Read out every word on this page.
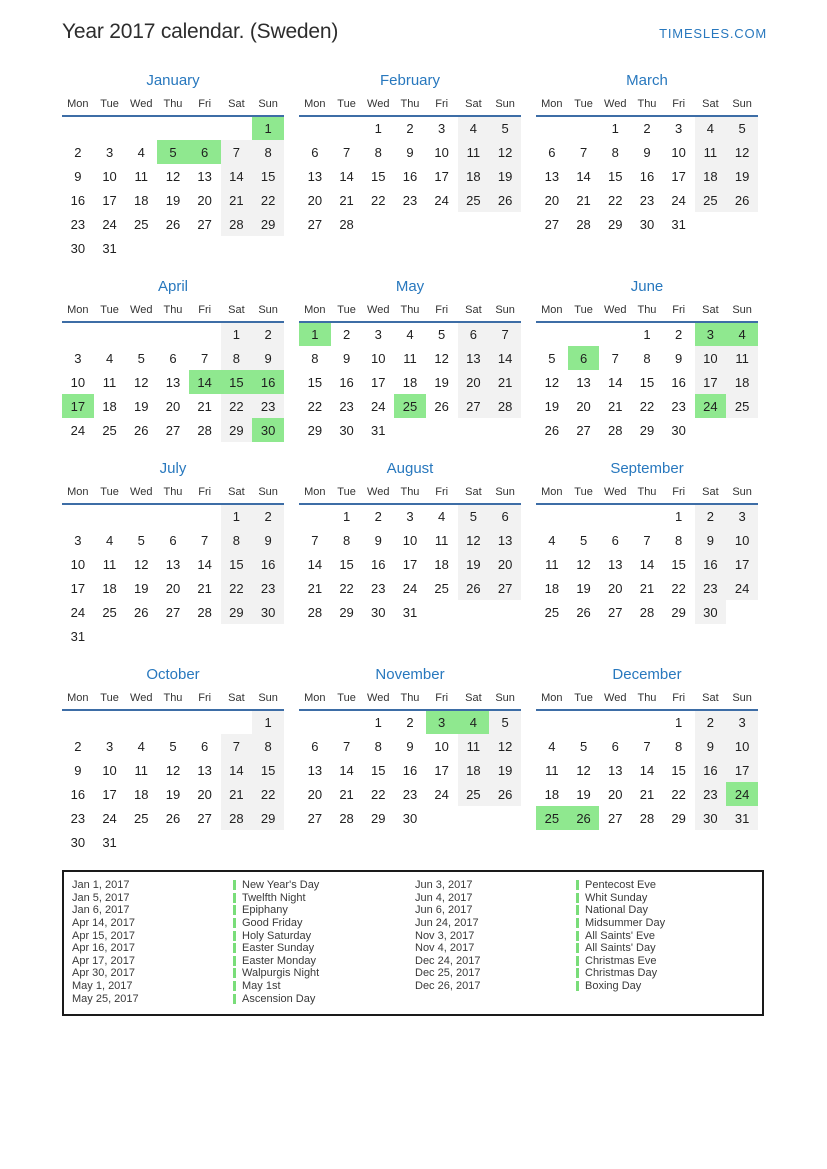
Year 2017 calendar. (Sweden)	TIMESLES.COM
January
Mon	Tue	Wed	Thu	Fri	Sat	Sun
						1
2	3	4	5	6	7	8
9	10	11	12	13	14	15
16	17	18	19	20	21	22
23	24	25	26	27	28	29
30	31					
February
Mon	Tue	Wed	Thu	Fri	Sat	Sun
		1	2	3	4	5
6	7	8	9	10	11	12
13	14	15	16	17	18	19
20	21	22	23	24	25	26
27	28					
March
Mon	Tue	Wed	Thu	Fri	Sat	Sun
		1	2	3	4	5
6	7	8	9	10	11	12
13	14	15	16	17	18	19
20	21	22	23	24	25	26
27	28	29	30	31		
April
Mon	Tue	Wed	Thu	Fri	Sat	Sun
					1	2
3	4	5	6	7	8	9
10	11	12	13	14	15	16
17	18	19	20	21	22	23
24	25	26	27	28	29	30
May
Mon	Tue	Wed	Thu	Fri	Sat	Sun
1	2	3	4	5	6	7
8	9	10	11	12	13	14
15	16	17	18	19	20	21
22	23	24	25	26	27	28
29	30	31				
June
Mon	Tue	Wed	Thu	Fri	Sat	Sun
			1	2	3	4
5	6	7	8	9	10	11
12	13	14	15	16	17	18
19	20	21	22	23	24	25
26	27	28	29	30		
July
Mon	Tue	Wed	Thu	Fri	Sat	Sun
					1	2
3	4	5	6	7	8	9
10	11	12	13	14	15	16
17	18	19	20	21	22	23
24	25	26	27	28	29	30
31						
August
Mon	Tue	Wed	Thu	Fri	Sat	Sun
	1	2	3	4	5	6
7	8	9	10	11	12	13
14	15	16	17	18	19	20
21	22	23	24	25	26	27
28	29	30	31			
September
Mon	Tue	Wed	Thu	Fri	Sat	Sun
				1	2	3
4	5	6	7	8	9	10
11	12	13	14	15	16	17
18	19	20	21	22	23	24
25	26	27	28	29	30	
October
Mon	Tue	Wed	Thu	Fri	Sat	Sun
						1
2	3	4	5	6	7	8
9	10	11	12	13	14	15
16	17	18	19	20	21	22
23	24	25	26	27	28	29
30	31					
November
Mon	Tue	Wed	Thu	Fri	Sat	Sun
		1	2	3	4	5
6	7	8	9	10	11	12
13	14	15	16	17	18	19
20	21	22	23	24	25	26
27	28	29	30			
December
Mon	Tue	Wed	Thu	Fri	Sat	Sun
				1	2	3
4	5	6	7	8	9	10
11	12	13	14	15	16	17
18	19	20	21	22	23	24
25	26	27	28	29	30	31
Jan 1, 2017	New Year's Day
Jan 5, 2017	Twelfth Night
Jan 6, 2017	Epiphany
Apr 14, 2017	Good Friday
Apr 15, 2017	Holy Saturday
Apr 16, 2017	Easter Sunday
Apr 17, 2017	Easter Monday
Apr 30, 2017	Walpurgis Night
May 1, 2017	May 1st
May 25, 2017	Ascension Day
Jun 3, 2017	Pentecost Eve
Jun 4, 2017	Whit Sunday
Jun 6, 2017	National Day
Jun 24, 2017	Midsummer Day
Nov 3, 2017	All Saints' Eve
Nov 4, 2017	All Saints' Day
Dec 24, 2017	Christmas Eve
Dec 25, 2017	Christmas Day
Dec 26, 2017	Boxing Day
